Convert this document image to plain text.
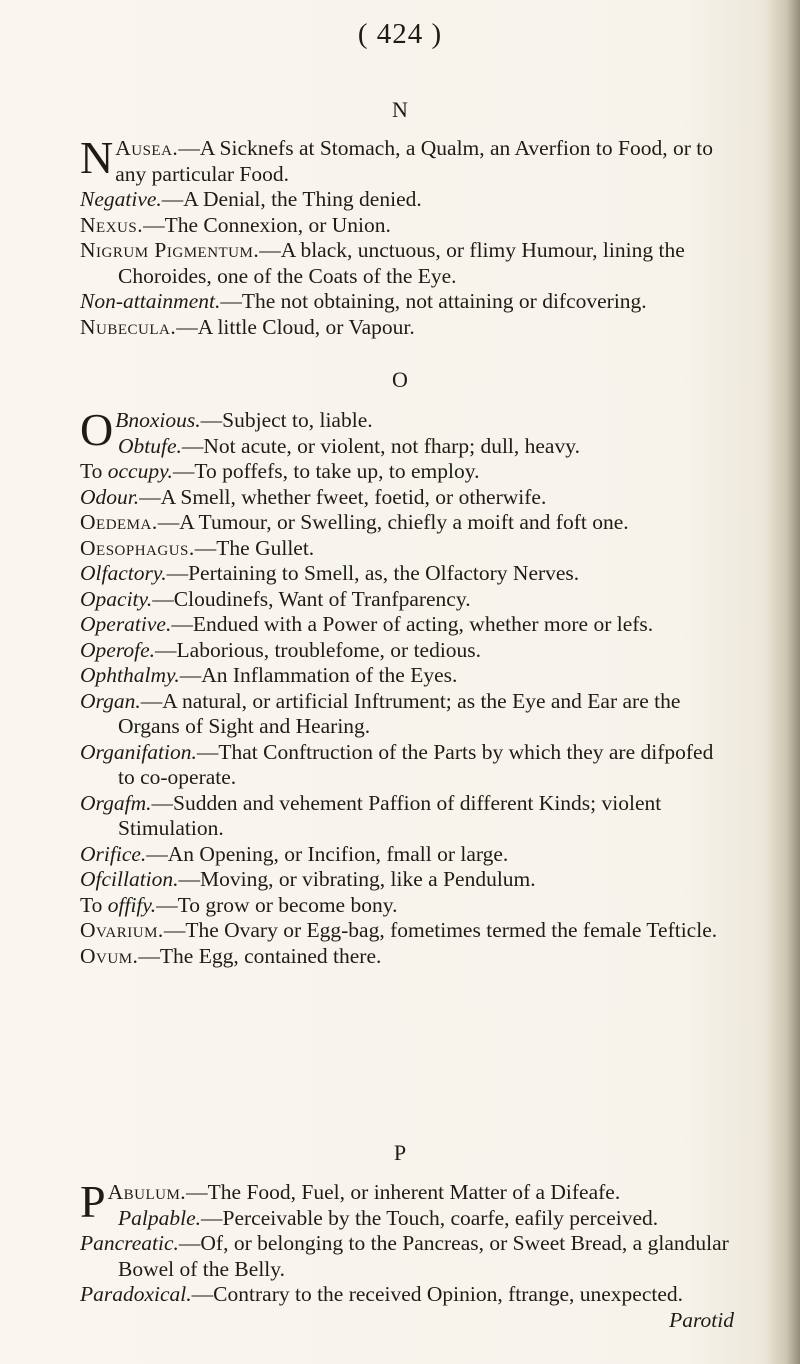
( 424 )
N

N Ausea.—A Sicknefs at Stomach, a Qualm, an Averfion to Food, or to any particular Food.

Negative.—A Denial, the Thing denied.

Nexus.—The Connexion, or Union.

Nigrum Pigmentum.—A black, unctuous, or flimy Humour, lining the Choroides, one of the Coats of the Eye.

Non-attainment.—The not obtaining, not attaining or difcovering.

Nubecula.—A little Cloud, or Vapour.

O

O Bnoxious.—Subject to, liable.

Obtufe.—Not acute, or violent, not fharp; dull, heavy.

To occupy.—To poffefs, to take up, to employ.

Odour.—A Smell, whether fweet, foetid, or otherwife.

Oedema.—A Tumour, or Swelling, chiefly a moift and foft one.

Oesophagus.—The Gullet.

Olfactory.—Pertaining to Smell, as, the Olfactory Nerves.

Opacity.—Cloudinefs, Want of Tranfparency.

Operative.—Endued with a Power of acting, whether more or lefs.

Operofe.—Laborious, troublefome, or tedious.

Ophthalmy.—An Inflammation of the Eyes.

Organ.—A natural, or artificial Inftrument; as the Eye and Ear are the Organs of Sight and Hearing.

Organifation.—That Conftruction of the Parts by which they are difpofed to co-operate.

Orgafm.—Sudden and vehement Paffion of different Kinds; violent Stimulation.

Orifice.—An Opening, or Incifion, fmall or large.

Ofcillation.—Moving, or vibrating, like a Pendulum.

To offify.—To grow or become bony.

Ovarium.—The Ovary or Egg-bag, fometimes termed the female Tefticle.

Ovum.—The Egg, contained there.

P

P Abulum.—The Food, Fuel, or inherent Matter of a Difeafe.

Palpable.—Perceivable by the Touch, coarfe, eafily perceived.

Pancreatic.—Of, or belonging to the Pancreas, or Sweet Bread, a glandular Bowel of the Belly.

Paradoxical.—Contrary to the received Opinion, ftrange, unexpected.

Parotid
